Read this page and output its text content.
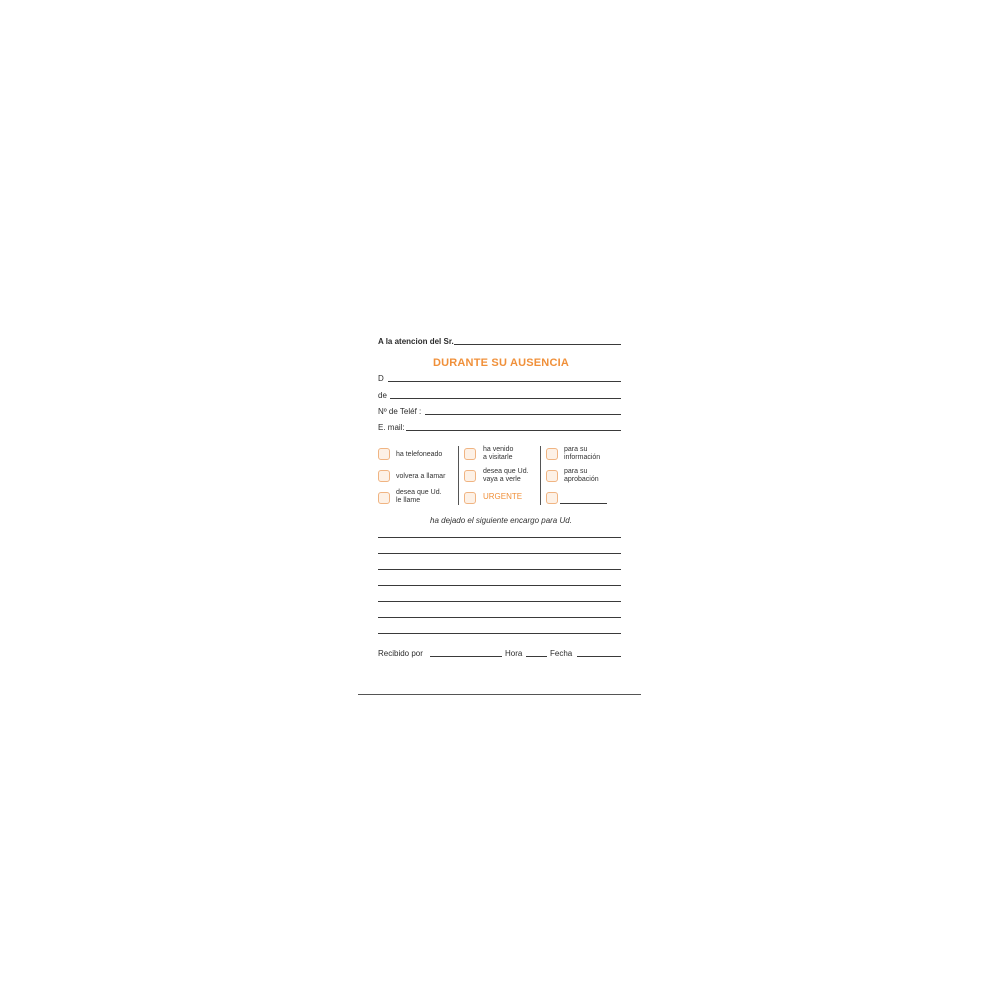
A la atencion del Sr.
DURANTE SU AUSENCIA
D
de
Nº de Teléf :
E. mail:
ha telefoneado
volvera a llamar
desea que Ud.
le llame
ha venido
a visitarle
desea que Ud.
vaya a verle
URGENTE
para su
información
para su
aprobación
ha dejado el siguiente encargo para Ud.
Recibido por	Hora	Fecha
